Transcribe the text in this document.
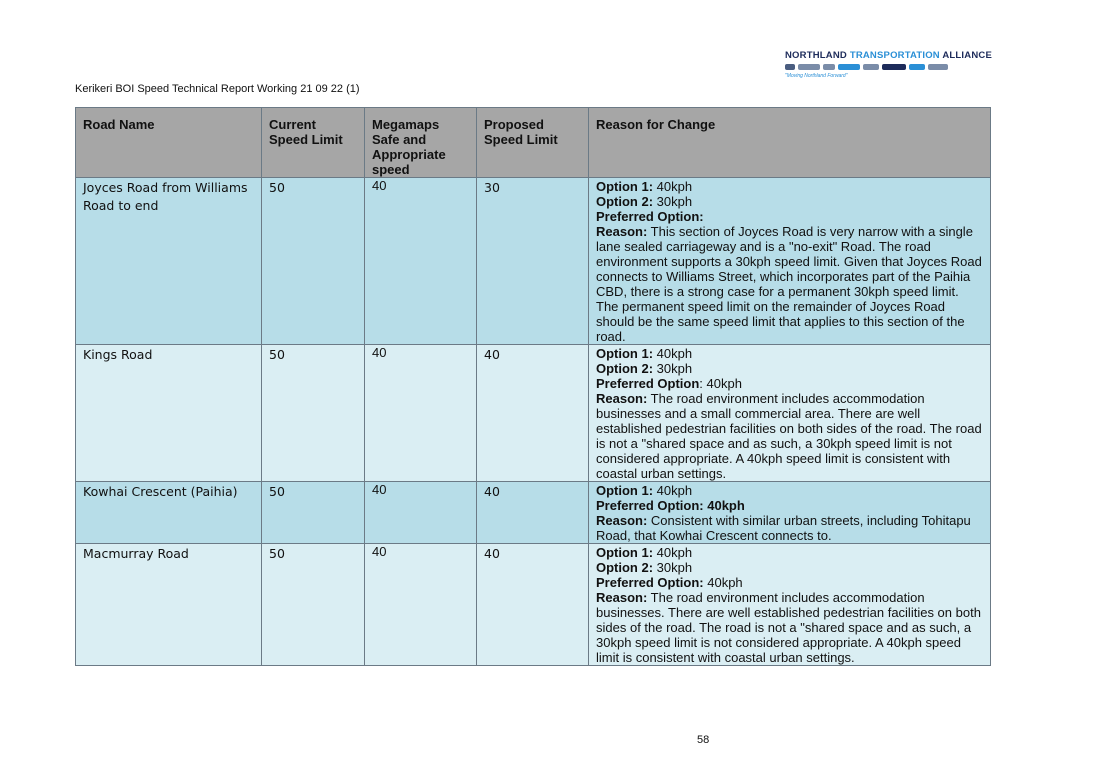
Kerikeri BOI Speed Technical Report Working 21 09 22 (1)
NORTHLAND TRANSPORTATION ALLIANCE
"Moving Northland Forward"
Road Name	Current Speed Limit	Megamaps Safe and Appropriate speed	Proposed Speed Limit	Reason for Change
Joyces Road from Williams Road to end	50	40	30	Option 1: 40kph
Option 2: 30kph
Preferred Option:
Reason: This section of Joyces Road is very narrow with a single lane sealed carriageway and is a "no-exit" Road. The road environment supports a 30kph speed limit. Given that Joyces Road connects to Williams Street, which incorporates part of the Paihia CBD, there is a strong case for a permanent 30kph speed limit. The permanent speed limit on the remainder of Joyces Road should be the same speed limit that applies to this section of the road.

Kings Road	50	40	40	Option 1: 40kph
Option 2: 30kph
Preferred Option: 40kph
Reason: The road environment includes accommodation businesses and a small commercial area. There are well established pedestrian facilities on both sides of the road. The road is not a "shared space and as such, a 30kph speed limit is not considered appropriate. A 40kph speed limit is consistent with coastal urban settings.

Kowhai Crescent (Paihia)	50	40	40	Option 1: 40kph
Preferred Option: 40kph
Reason: Consistent with similar urban streets, including Tohitapu Road, that Kowhai Crescent connects to.

Macmurray Road	50	40	40	Option 1: 40kph
Option 2: 30kph
Preferred Option: 40kph
Reason: The road environment includes accommodation businesses. There are well established pedestrian facilities on both sides of the road. The road is not a "shared space and as such, a 30kph speed limit is not considered appropriate. A 40kph speed limit is consistent with coastal urban settings.
58
